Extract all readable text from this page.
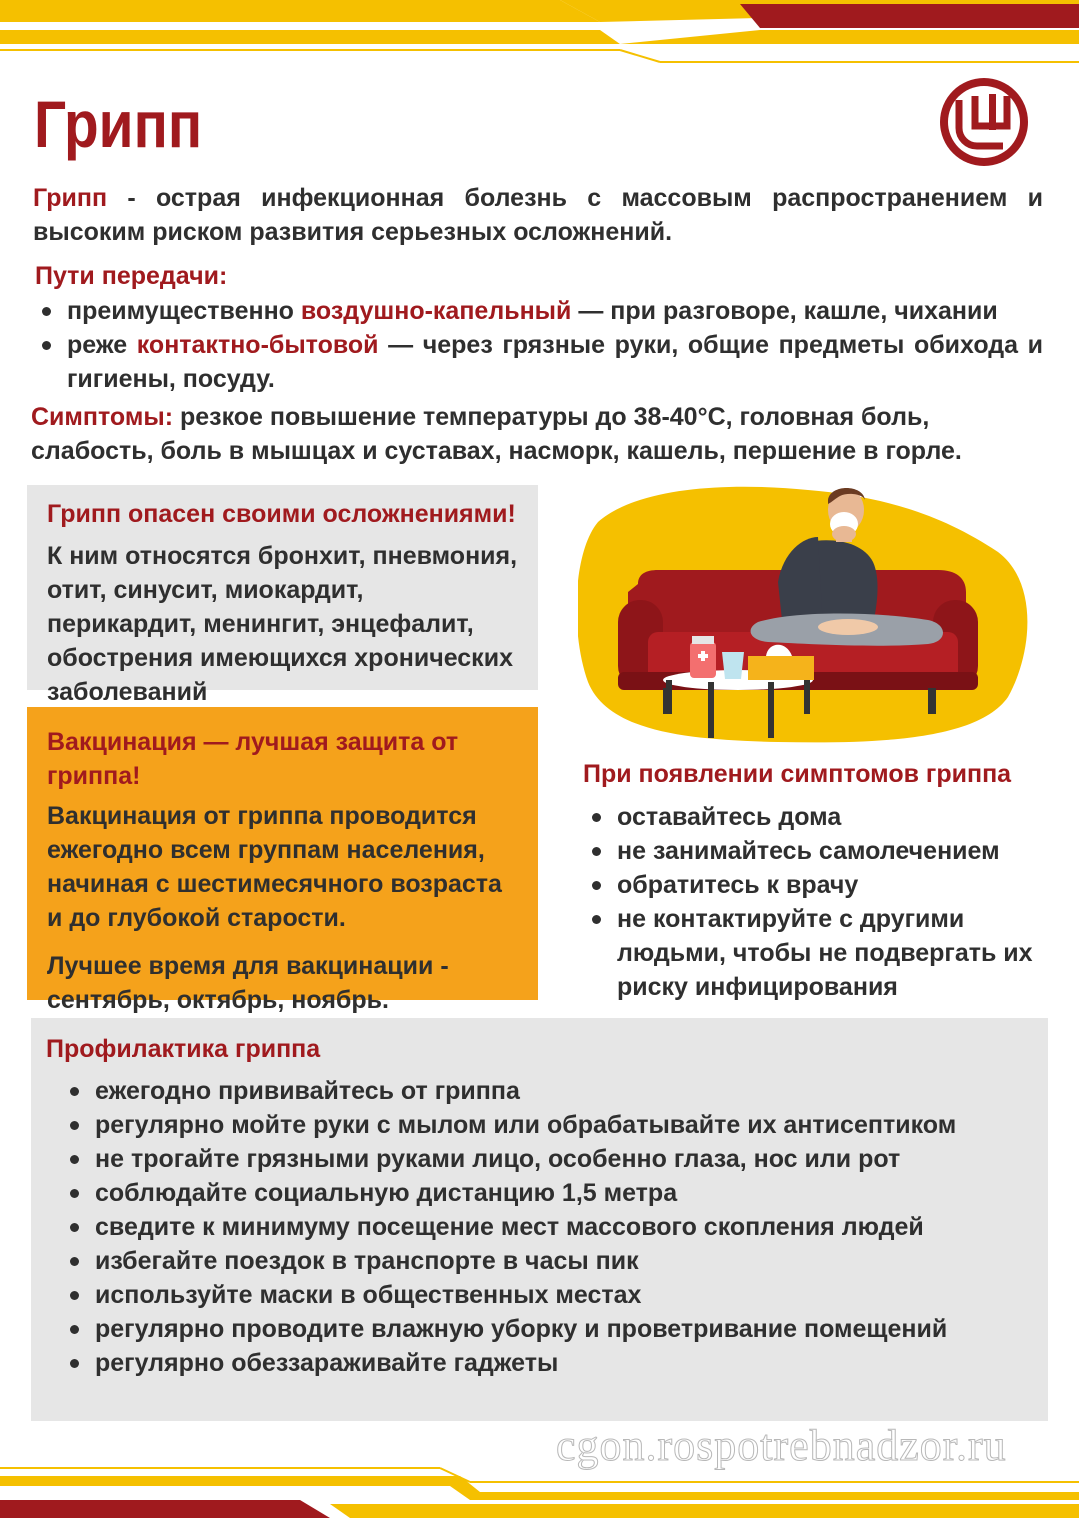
Грипп
Грипп - острая инфекционная болезнь с массовым распространением и высоким риском развития серьезных осложнений.
Пути передачи:
преимущественно воздушно-капельный — при разговоре, кашле, чихании
реже контактно-бытовой — через грязные руки, общие предметы обихода и гигиены, посуду.
Симптомы: резкое повышение температуры до 38-40°С, головная боль, слабость, боль в мышцах и суставах, насморк, кашель, першение в горле.
Грипп опасен своими осложнениями!
К ним относятся бронхит, пневмония, отит, синусит, миокардит, перикардит, менингит, энцефалит, обострения имеющихся хронических заболеваний
Вакцинация — лучшая защита от гриппа!
Вакцинация от гриппа проводится ежегодно всем группам населения, начиная с шестимесячного возраста и до глубокой старости.
Лучшее время для вакцинации - сентябрь, октябрь, ноябрь.
При появлении симптомов гриппа
оставайтесь дома
не занимайтесь самолечением
обратитесь к врачу
не контактируйте с другими людьми, чтобы не подвергать их риску инфицирования
Профилактика гриппа
ежегодно прививайтесь от гриппа
регулярно мойте руки с мылом или обрабатывайте их антисептиком
не трогайте грязными руками лицо, особенно глаза, нос или рот
соблюдайте социальную дистанцию 1,5 метра
сведите к минимуму посещение мест массового скопления людей
избегайте поездок в транспорте в часы пик
используйте маски в общественных местах
регулярно проводите влажную уборку и проветривание помещений
регулярно обеззараживайте гаджеты
cgon.rospotrebnadzor.ru
